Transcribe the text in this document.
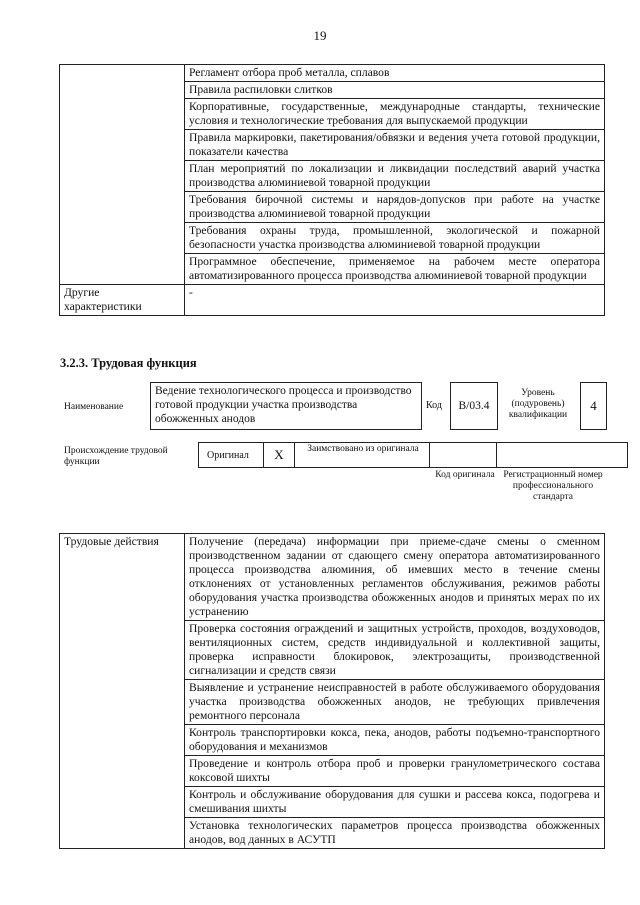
19
	Регламент отбора проб металла, сплавов
	Правила распиловки слитков
	Корпоративные, государственные, международные стандарты, технические условия и технологические требования для выпускаемой продукции
	Правила маркировки, пакетирования/обвязки и ведения учета готовой продукции, показатели качества
	План мероприятий по локализации и ликвидации последствий аварий участка производства алюминиевой товарной продукции
	Требования бирочной системы и нарядов-допусков при работе на участке производства алюминиевой товарной продукции
	Требования охраны труда, промышленной, экологической и пожарной безопасности участка производства алюминиевой товарной продукции
	Программное обеспечение, применяемое на рабочем месте оператора автоматизированного процесса производства алюминиевой товарной продукции
Другие характеристики	-
3.2.3. Трудовая функция
Наименование
Ведение технологического процесса и производство готовой продукции участка производства обожженных анодов
Код	В/03.4
Уровень (подуровень) квалификации
4
Происхождение трудовой функции
Оригинал	X	Заимствовано из оригинала
Код оригинала Регистрационный номер профессионального стандарта
Трудовые действия	Получение (передача) информации при приеме-сдаче смены о сменном производственном задании от сдающего смену оператора автоматизированного процесса производства алюминия, об имевших место в течение смены отклонениях от установленных регламентов обслуживания, режимов работы оборудования участка производства обожженных анодов и принятых мерах по их устранению
Проверка состояния ограждений и защитных устройств, проходов, воздуховодов, вентиляционных систем, средств индивидуальной и коллективной защиты, проверка исправности блокировок, электрозащиты, производственной сигнализации и средств связи
Выявление и устранение неисправностей в работе обслуживаемого оборудования участка производства обожженных анодов, не требующих привлечения ремонтного персонала
Контроль транспортировки кокса, пека, анодов, работы подъемно-транспортного оборудования и механизмов
Проведение и контроль отбора проб и проверки гранулометрического состава коксовой шихты
Контроль и обслуживание оборудования для сушки и рассева кокса, подогрева и смешивания шихты
Установка технологических параметров процесса производства обожженных анодов, вод данных в АСУТП
